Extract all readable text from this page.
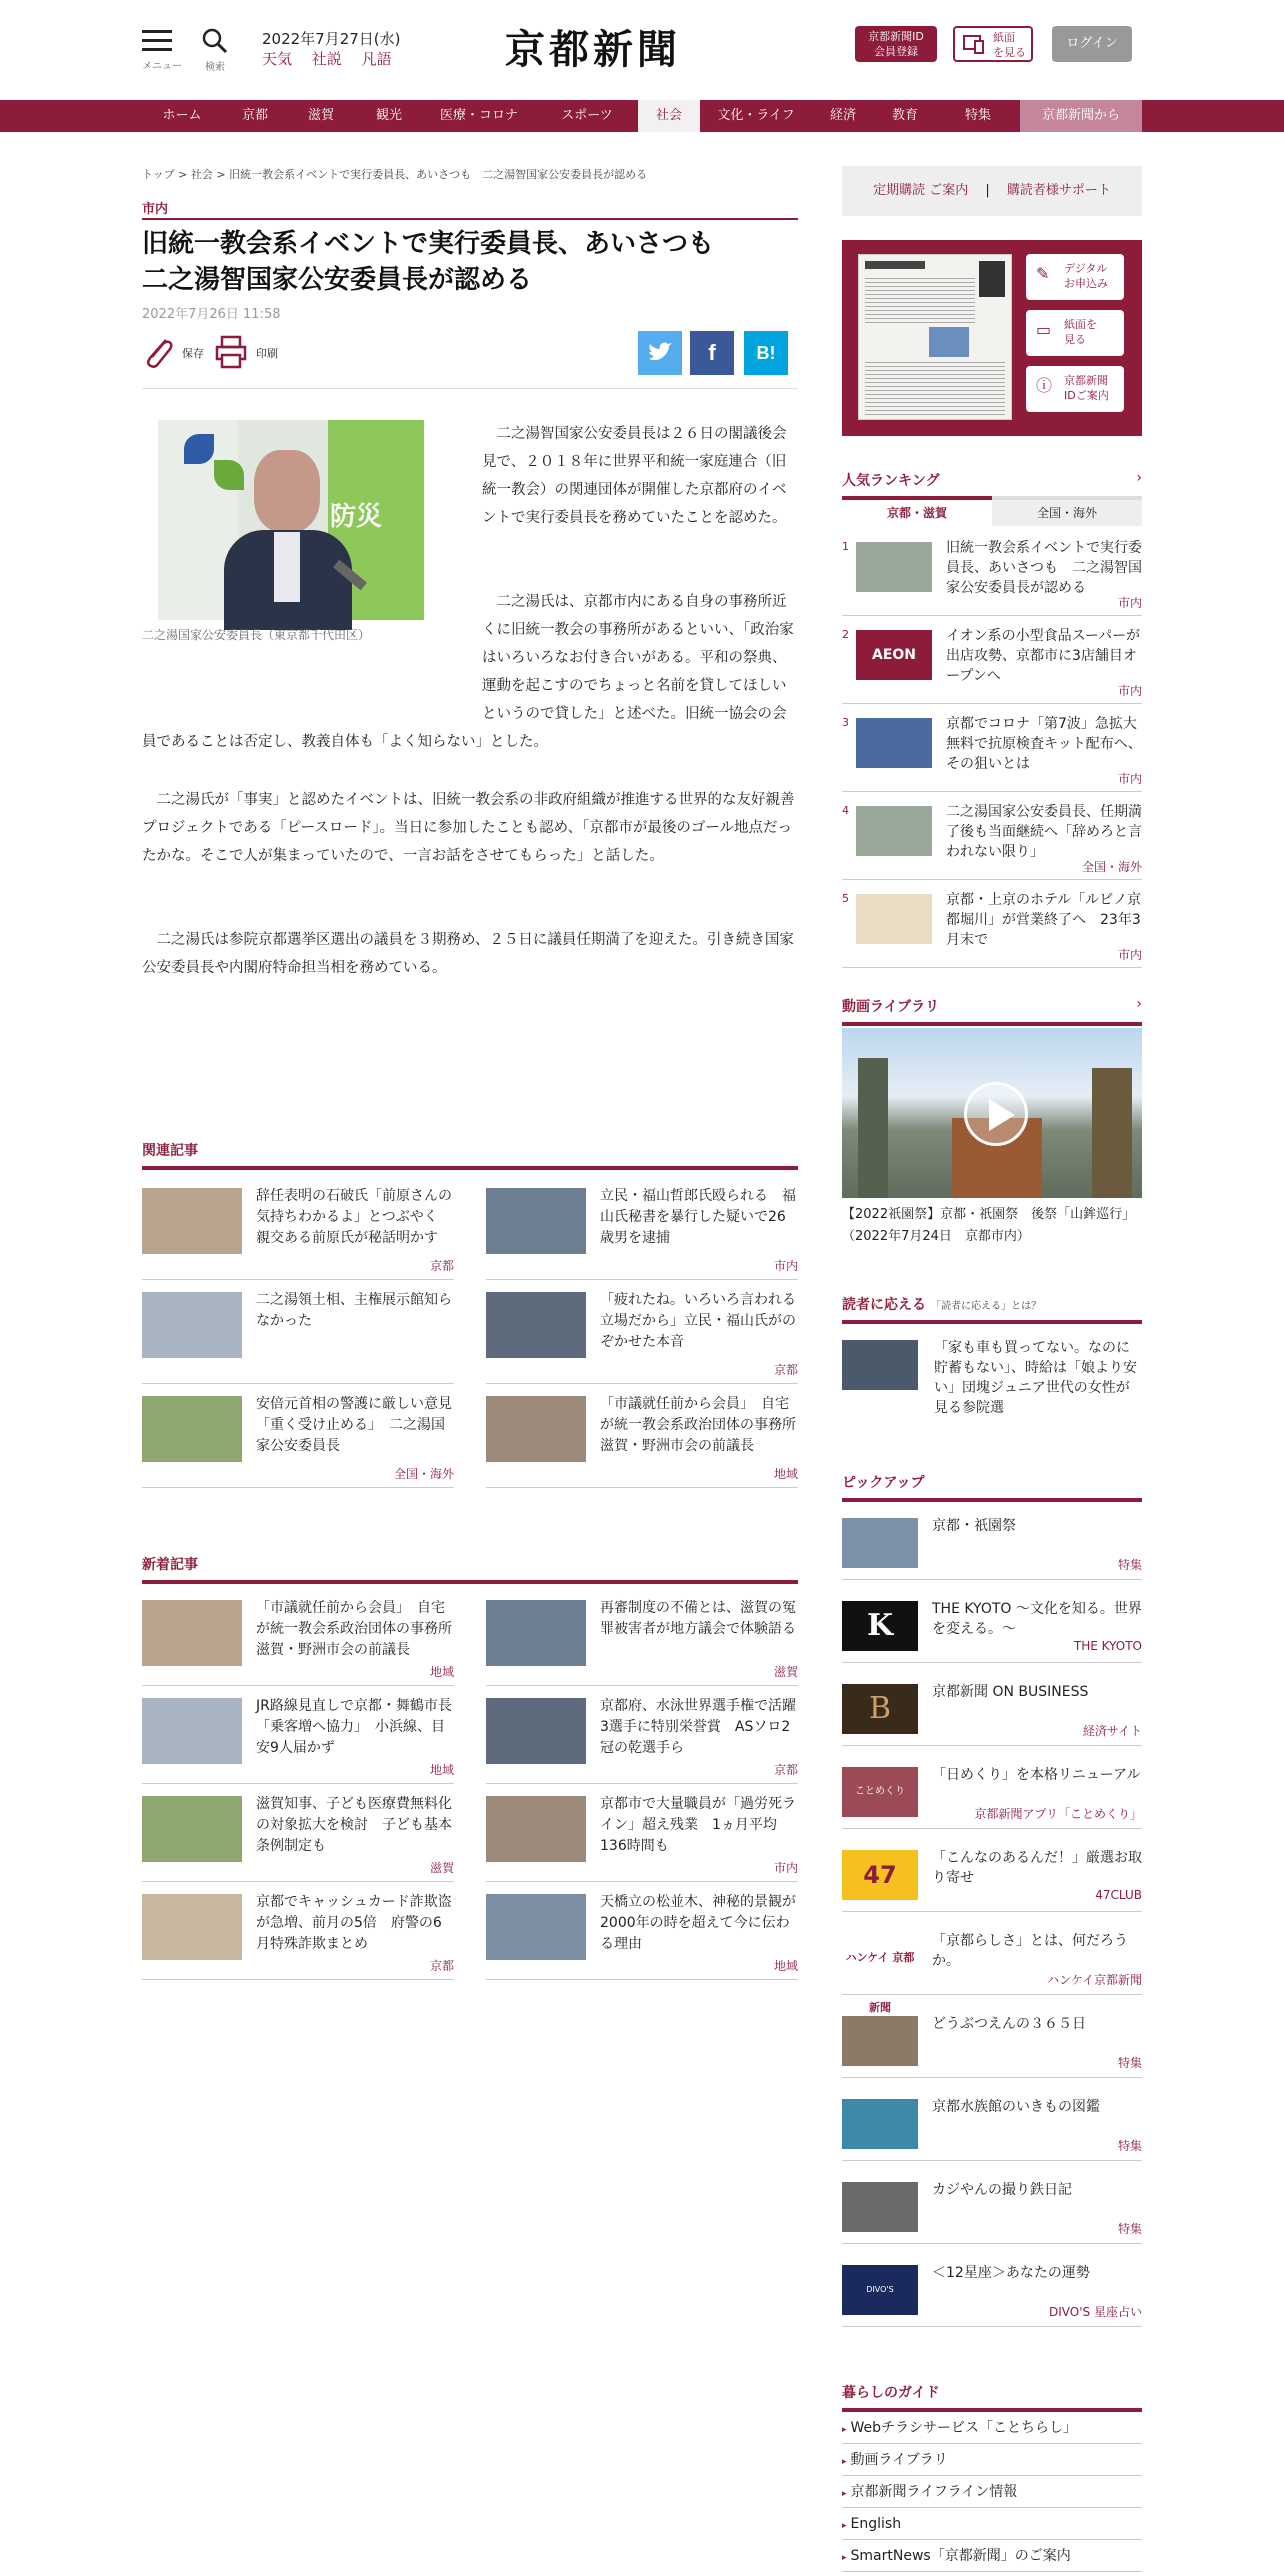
メニュー	検索
2022年7月27日(水)
天気　 社説　 凡語	京都新聞	京都新聞ID
会員登録
紙面
を見る
ログイン
ホーム	京都	滋賀	観光	医療・コロナ	スポーツ	社会	文化・ライフ	経済	教育	特集	京都新聞から
トップ > 社会 > 旧統一教会系イベントで実行委員長、あいさつも　二之湯智国家公安委員長が認める
市内
旧統一教会系イベントで実行委員長、あいさつも
二之湯智国家公安委員長が認める
2022年7月26日 11:58
保存	印刷	f	B!
防災
二之湯国家公安委員長（東京都千代田区）
　二之湯智国家公安委員長は２６日の閣議後会見で、２０１８年に世界平和統一家庭連合（旧統一教会）の関連団体が開催した京都府のイベントで実行委員長を務めていたことを認めた。
　二之湯氏は、京都市内にある自身の事務所近くに旧統一教会の事務所があるといい、「政治家はいろいろなお付き合いがある。平和の祭典、運動を起こすのでちょっと名前を貸してほしいというので貸した」と述べた。旧統一協会の会員であることは否定し、教義自体も「よく知らない」とした。
　二之湯氏が「事実」と認めたイベントは、旧統一教会系の非政府組織が推進する世界的な友好親善プロジェクトである「ピースロード」。当日に参加したことも認め、「京都市が最後のゴール地点だったかな。そこで人が集まっていたので、一言お話をさせてもらった」と話した。
　二之湯氏は参院京都選挙区選出の議員を３期務め、２５日に議員任期満了を迎えた。引き続き国家公安委員長や内閣府特命担当相を務めている。
関連記事
辞任表明の石破氏「前原さんの気持ちわかるよ」とつぶやく　親交ある前原氏が秘話明かす
京都
立民・福山哲郎氏殴られる　福山氏秘書を暴行した疑いで26歳男を逮捕
市内
二之湯領土相、主権展示館知らなかった
「疲れたね。いろいろ言われる立場だから」立民・福山氏がのぞかせた本音
京都
安倍元首相の警護に厳しい意見「重く受け止める」　二之湯国家公安委員長
全国・海外
「市議就任前から会員」　自宅が統一教会系政治団体の事務所　滋賀・野洲市会の前議長
地域
新着記事
「市議就任前から会員」　自宅が統一教会系政治団体の事務所　滋賀・野洲市会の前議長
地域
再審制度の不備とは、滋賀の冤罪被害者が地方議会で体験語る
滋賀
JR路線見直しで京都・舞鶴市長「乗客増へ協力」　小浜線、目安9人届かず
地域
京都府、水泳世界選手権で活躍3選手に特別栄誉賞　ASソロ2冠の乾選手ら
京都
滋賀知事、子ども医療費無料化の対象拡大を検討　子ども基本条例制定も
滋賀
京都市で大量職員が「過労死ライン」超え残業　1ヵ月平均136時間も
市内
京都でキャッシュカード詐欺盗が急増、前月の5倍　府警の6月特殊詐欺まとめ
京都
天橋立の松並木、神秘的景観が2000年の時を超えて今に伝わる理由
地域
定期購読 ご案内　 |　 購読者様サポート
✎ デジタル
お申込み
▭ 紙面を
見る
ⓘ 京都新聞
IDご案内
人気ランキング	›
京都・滋賀	全国・海外
1	旧統一教会系イベントで実行委員長、あいさつも　二之湯智国家公安委員長が認める
市内
2
AEON
イオン系の小型食品スーパーが出店攻勢、京都市に3店舗目オープンへ
市内
3	京都でコロナ「第7波」急拡大　無料で抗原検査キット配布へ、その狙いとは
市内
4	二之湯国家公安委員長、任期満了後も当面継続へ「辞めろと言われない限り」
全国・海外
5	京都・上京のホテル「ルビノ京都堀川」が営業終了へ　23年3月末で
市内
動画ライブラリ	›
【2022祇園祭】京都・祇園祭　後祭「山鉾巡行」（2022年7月24日　京都市内）
読者に応える 「読者に応える」とは？
「家も車も買ってない。なのに貯蓄もない」、時給は「娘より安い」団塊ジュニア世代の女性が見る参院選
ピックアップ
京都・祇園祭
特集
K	THE KYOTO ～文化を知る。世界を変える。～
THE KYOTO
B	京都新聞 ON BUSINESS
経済サイト
ことめくり
「日めくり」を本格リニューアル
京都新聞アプリ「ことめくり」
47
「こんなのあるんだ！」厳選お取り寄せ
47CLUB
ハンケイ 京都新聞
「京都らしさ」とは、何だろうか。
ハンケイ京都新聞
どうぶつえんの３６５日
特集
京都水族館のいきもの図鑑
特集
カジやんの撮り鉄日記
特集
DIVO'S ASTROLOGY
＜12星座＞あなたの運勢
DIVO'S 星座占い
暮らしのガイド
▸ Webチラシサービス「ことちらし」
▸ 動画ライブラリ
▸ 京都新聞ライフライン情報
▸ English
▸ SmartNews「京都新聞」のご案内
